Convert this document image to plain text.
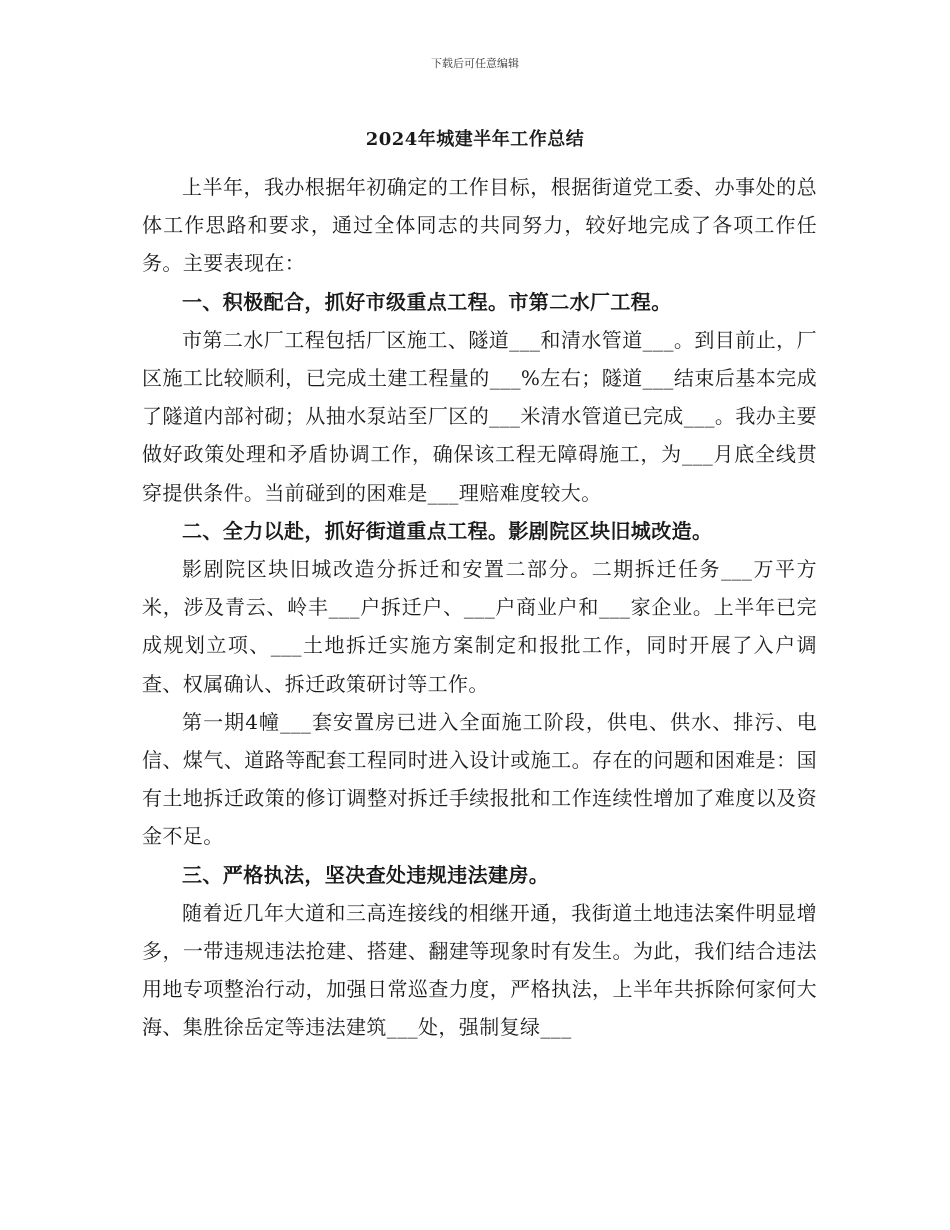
下载后可任意编辑
2024年城建半年工作总结

上半年，我办根据年初确定的工作目标，根据街道党工委、办事处的总体工作思路和要求，通过全体同志的共同努力，较好地完成了各项工作任务。主要表现在：

一、积极配合，抓好市级重点工程。市第二水厂工程。

市第二水厂工程包括厂区施工、隧道___和清水管道___。到目前止，厂区施工比较顺利，已完成土建工程量的___%左右；隧道___结束后基本完成了隧道内部衬砌；从抽水泵站至厂区的___米清水管道已完成___。我办主要做好政策处理和矛盾协调工作，确保该工程无障碍施工，为___月底全线贯穿提供条件。当前碰到的困难是___理赔难度较大。

二、全力以赴，抓好街道重点工程。影剧院区块旧城改造。

影剧院区块旧城改造分拆迁和安置二部分。二期拆迁任务___万平方米，涉及青云、岭丰___户拆迁户、___户商业户和___家企业。上半年已完成规划立项、___土地拆迁实施方案制定和报批工作，同时开展了入户调查、权属确认、拆迁政策研讨等工作。

第一期4幢___套安置房已进入全面施工阶段，供电、供水、排污、电信、煤气、道路等配套工程同时进入设计或施工。存在的问题和困难是：国有土地拆迁政策的修订调整对拆迁手续报批和工作连续性增加了难度以及资金不足。

三、严格执法，坚决查处违规违法建房。

随着近几年大道和三高连接线的相继开通，我街道土地违法案件明显增多，一带违规违法抢建、搭建、翻建等现象时有发生。为此，我们结合违法用地专项整治行动，加强日常巡查力度，严格执法，上半年共拆除何家何大海、集胜徐岳定等违法建筑___处，强制复绿___
